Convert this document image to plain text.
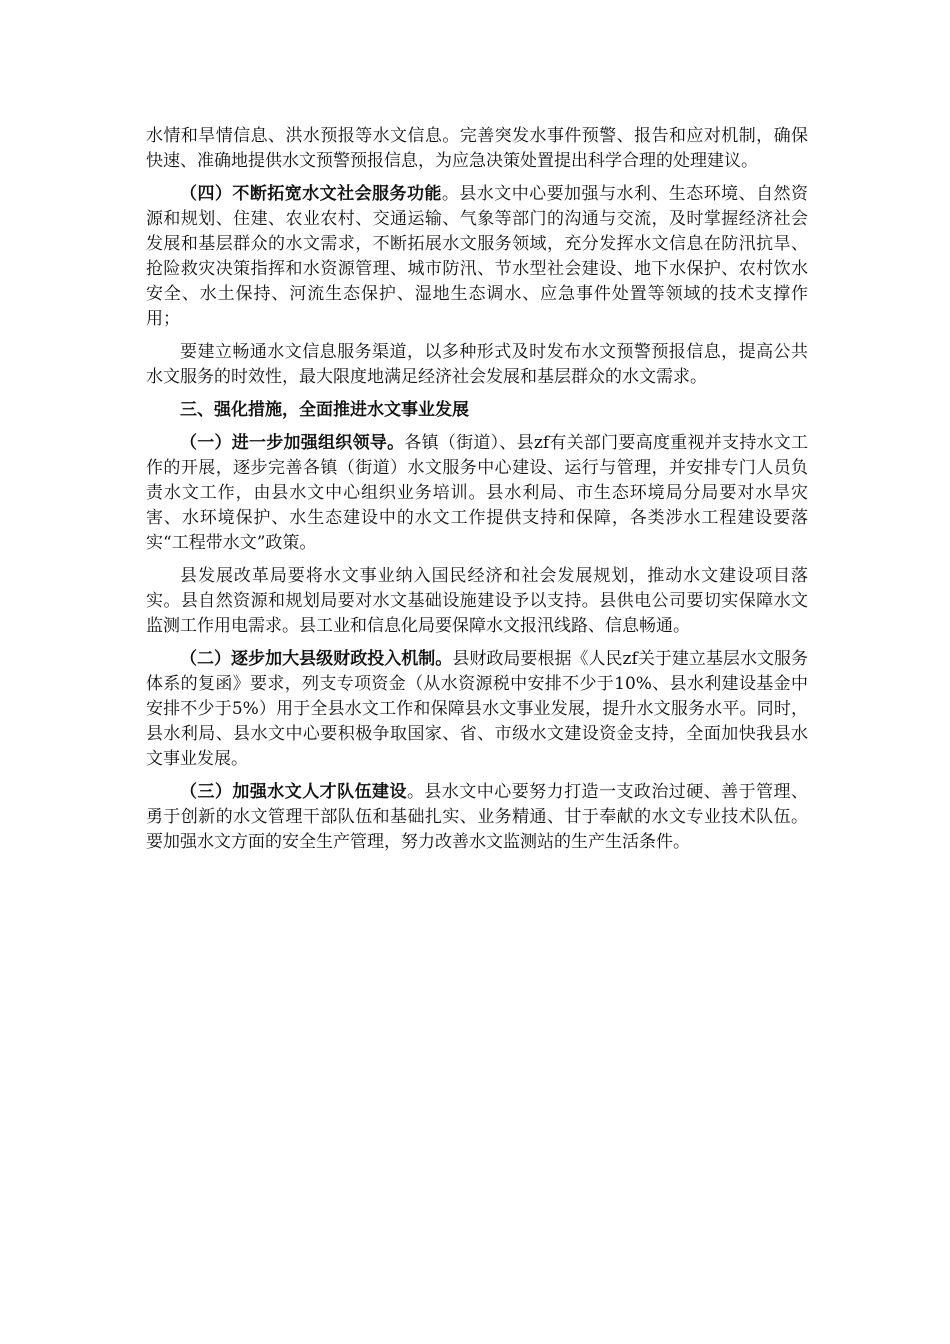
水情和旱情信息、洪水预报等水文信息。完善突发水事件预警、报告和应对机制，确保快速、准确地提供水文预警预报信息，为应急决策处置提出科学合理的处理建议。

（四）不断拓宽水文社会服务功能。县水文中心要加强与水利、生态环境、自然资源和规划、住建、农业农村、交通运输、气象等部门的沟通与交流，及时掌握经济社会发展和基层群众的水文需求，不断拓展水文服务领域，充分发挥水文信息在防汛抗旱、抢险救灾决策指挥和水资源管理、城市防汛、节水型社会建设、地下水保护、农村饮水安全、水土保持、河流生态保护、湿地生态调水、应急事件处置等领域的技术支撑作用；

要建立畅通水文信息服务渠道，以多种形式及时发布水文预警预报信息，提高公共水文服务的时效性，最大限度地满足经济社会发展和基层群众的水文需求。

三、强化措施，全面推进水文事业发展

（一）进一步加强组织领导。各镇（街道）、县zf有关部门要高度重视并支持水文工作的开展，逐步完善各镇（街道）水文服务中心建设、运行与管理，并安排专门人员负责水文工作，由县水文中心组织业务培训。县水利局、市生态环境局分局要对水旱灾害、水环境保护、水生态建设中的水文工作提供支持和保障，各类涉水工程建设要落实“工程带水文”政策。

县发展改革局要将水文事业纳入国民经济和社会发展规划，推动水文建设项目落实。县自然资源和规划局要对水文基础设施建设予以支持。县供电公司要切实保障水文监测工作用电需求。县工业和信息化局要保障水文报汛线路、信息畅通。

（二）逐步加大县级财政投入机制。县财政局要根据《人民zf关于建立基层水文服务体系的复函》要求，列支专项资金（从水资源税中安排不少于10%、县水利建设基金中安排不少于5%）用于全县水文工作和保障县水文事业发展，提升水文服务水平。同时，县水利局、县水文中心要积极争取国家、省、市级水文建设资金支持，全面加快我县水文事业发展。

（三）加强水文人才队伍建设。县水文中心要努力打造一支政治过硬、善于管理、勇于创新的水文管理干部队伍和基础扎实、业务精通、甘于奉献的水文专业技术队伍。要加强水文方面的安全生产管理，努力改善水文监测站的生产生活条件。
